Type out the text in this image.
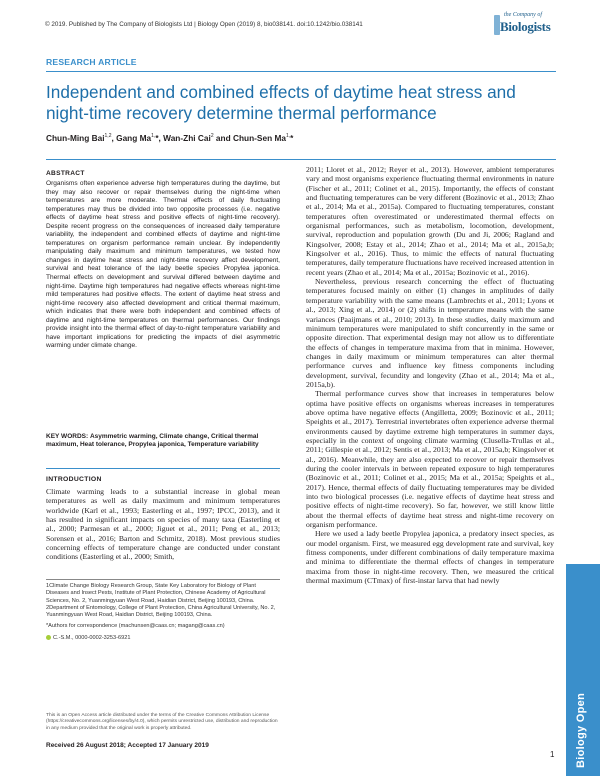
© 2019. Published by The Company of Biologists Ltd | Biology Open (2019) 8, bio038141. doi:10.1242/bio.038141
the Company of
Biologists
RESEARCH ARTICLE
Independent and combined effects of daytime heat stress and night-time recovery determine thermal performance
Chun-Ming Bai$^{1,2}$, Gang $Ma^{1,}*$, Wan-Zhi Cai$^2$ and Chun-Sen $Ma^{1,}*$
ABSTRACT
Organisms often experience adverse high temperatures during the daytime, but they may also recover or repair themselves during the night-time when temperatures are more moderate. Thermal effects of daily fluctuating temperatures may thus be divided into two opposite processes (i.e. negative effects of daytime heat stress and positive effects of night-time recovery). Despite recent progress on the consequences of increased daily temperature variability, the independent and combined effects of daytime and night-time temperatures on organism performance remain unclear. By independently manipulating daily maximum and minimum temperatures, we tested how changes in daytime heat stress and night-time recovery affect development, survival and heat tolerance of the lady beetle species Propylea japonica. Thermal effects on development and survival differed between daytime and night-time. Daytime high temperatures had negative effects whereas night-time mild temperatures had positive effects. The extent of daytime heat stress and night-time recovery also affected development and critical thermal maximum, which indicates that there were both independent and combined effects of daytime and night-time temperatures on thermal performances. Our findings provide insight into the thermal effect of day-to-night temperature variability and have important implications for predicting the impacts of diel asymmetric warming under climate change.
KEY WORDS: Asymmetric warming, Climate change, Critical thermal maximum, Heat tolerance, Propylea japonica, Temperature variability
INTRODUCTION
Climate warming leads to a substantial increase in global mean temperatures as well as daily maximum and minimum temperatures worldwide (Karl et al., 1993; Easterling et al., 1997; IPCC, 2013), and it has resulted in significant impacts on species of many taxa (Easterling et al., 2000; Parmesan et al., 2000; Jiguet et al., 2011; Peng et al., 2013; Sorensen et al., 2016; Barton and Schmitz, 2018). Most previous studies concerning effects of temperature change are conducted under constant conditions (Easterling et al., 2000; Smith,

1Climate Change Biology Research Group, State Key Laboratory for Biology of Plant Diseases and Insect Pests, Institute of Plant Protection, Chinese Academy of Agricultural Sciences, No. 2, Yuanmingyuan West Road, Haidian District, Beijing 100193, China. 2Department of Entomology, College of Plant Protection, China Agricultural University, No. 2, Yuanmingyuan West Road, Haidian District, Beijing 100193, China.

*Authors for correspondence (machunsen@caas.cn; magang@caas.cn)

C.-S.M., 0000-0002-3253-6921

This is an Open Access article distributed under the terms of the Creative Commons Attribution License (https://creativecommons.org/licenses/by/4.0), which permits unrestricted use, distribution and reproduction in any medium provided that the original work is properly attributed.
Received 26 August 2018; Accepted 17 January 2019

2011; Lloret et al., 2012; Reyer et al., 2013). However, ambient temperatures vary and most organisms experience fluctuating thermal environments in nature (Fischer et al., 2011; Colinet et al., 2015). Importantly, the effects of constant and fluctuating temperatures can be very different (Bozinovic et al., 2013; Zhao et al., 2014; Ma et al., 2015a). Compared to fluctuating temperatures, constant temperatures often overestimated or underestimated thermal effects on organismal performances, such as metabolism, locomotion, development, survival, reproduction and population growth (Du and Ji, 2006; Ragland and Kingsolver, 2008; Estay et al., 2014; Zhao et al., 2014; Ma et al., 2015a,b; Kingsolver et al., 2016). Thus, to mimic the effects of natural fluctuating temperatures, daily temperature fluctuations have received increased attention in recent years (Zhao et al., 2014; Ma et al., 2015a; Bozinovic et al., 2016).

Nevertheless, previous research concerning the effect of fluctuating temperatures focused mainly on either (1) changes in amplitudes of daily temperature variability with the same means (Lambrechts et al., 2011; Lyons et al., 2013; Xing et al., 2014) or (2) shifts in temperature means with the same variances (Paaijmans et al., 2010; 2013). In these studies, daily maximum and minimum temperatures were manipulated to shift concurrently in the same or opposite direction. That experimental design may not allow us to differentiate the effects of changes in temperature maxima from that in minima. However, changes in daily maximum or minimum temperatures can alter thermal performance curves and influence key fitness components including development, survival, fecundity and longevity (Zhao et al., 2014; Ma et al., 2015a,b).

Thermal performance curves show that increases in temperatures below optima have positive effects on organisms whereas increases in temperatures above optima have negative effects (Angilletta, 2009; Bozinovic et al., 2011; Speights et al., 2017). Terrestrial invertebrates often experience adverse thermal environments caused by daytime extreme high temperatures in summer days, especially in the context of ongoing climate warming (Clusella-Trullas et al., 2011; Gillespie et al., 2012; Sentis et al., 2013; Ma et al., 2015a,b; Kingsolver et al., 2016). Meanwhile, they are also expected to recover or repair themselves during the cooler intervals in between repeated exposure to high temperatures (Bozinovic et al., 2011; Colinet et al., 2015; Ma et al., 2015a; Speights et al., 2017). Hence, thermal effects of daily fluctuating temperatures may be divided into two biological processes (i.e. negative effects of daytime heat stress and positive effects of night-time recovery). So far, however, we still know little about the thermal effects of daytime heat stress and night-time recovery on organism performance.

Here we used a lady beetle Propylea japonica, a predatory insect species, as our model organism. First, we measured egg development rate and survival, key fitness components, under different combinations of daily temperature maxima and minima to differentiate the thermal effects of changes in temperature maxima from those in night-time recovery. Then, we measured the critical thermal maximum (CTmax) of first-instar larva that had newly

Biology Open
1
